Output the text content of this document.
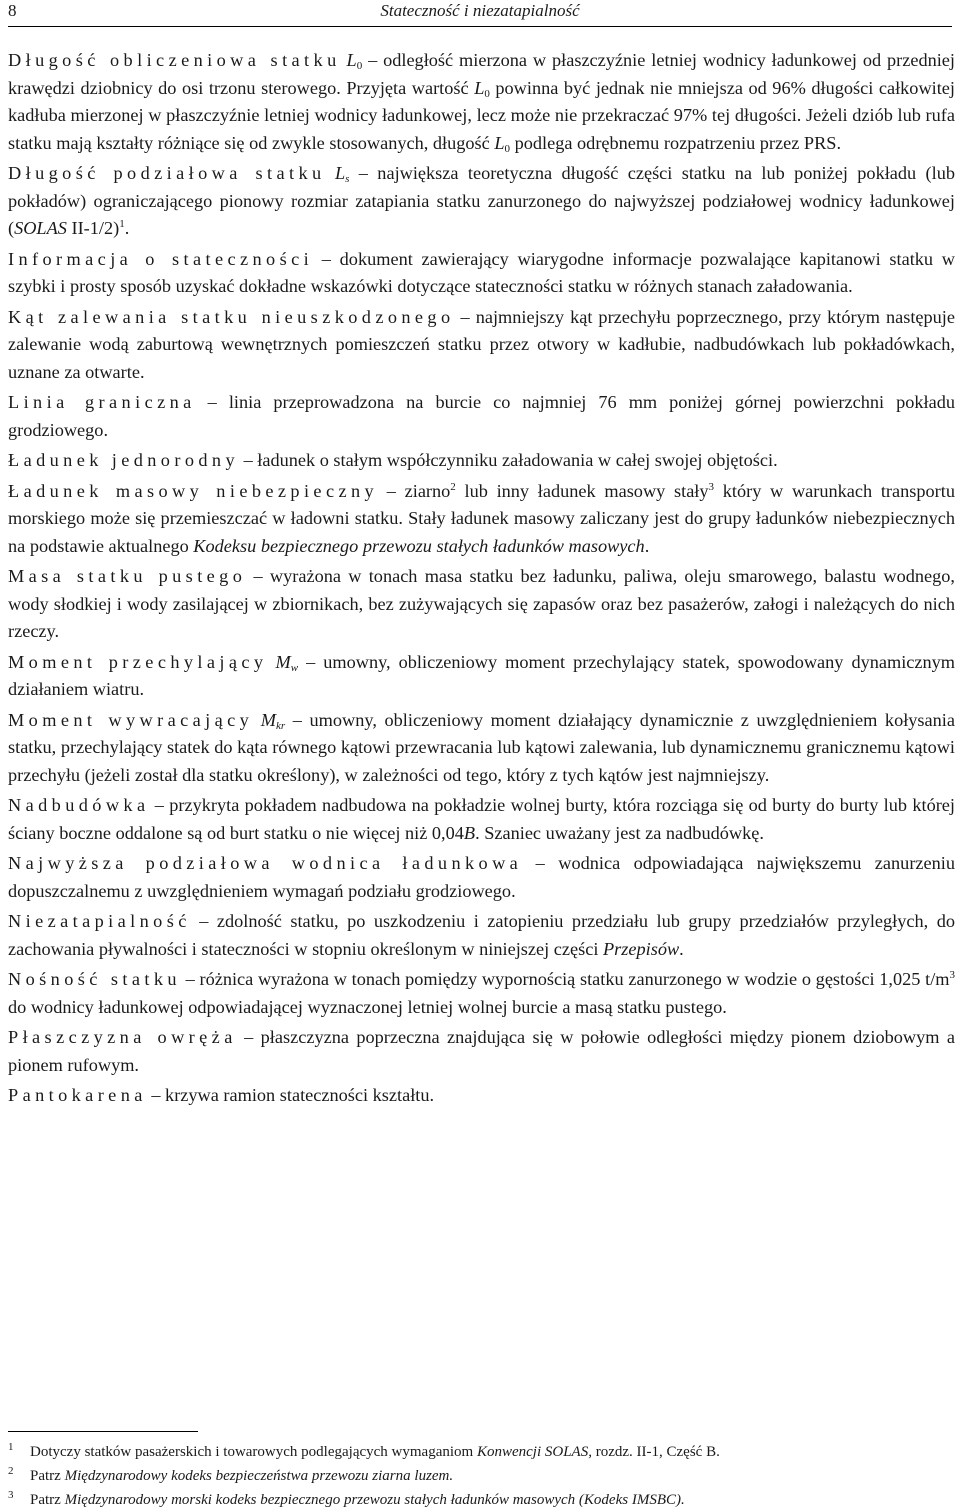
8	Stateczność i niezatapialność

Długość obliczeniowa statku $L_0$ – odległość mierzona w płaszczyźnie letniej wodnicy ładunkowej od przedniej krawędzi dziobnicy do osi trzonu sterowego. Przyjęta wartość $L_0$ powinna być jednak nie mniejsza od 96% długości całkowitej kadłuba mierzonej w płaszczyźnie letniej wodnicy ładunkowej, lecz może nie przekraczać 97% tej długości. Jeżeli dziób lub rufa statku mają kształty różniące się od zwykle stosowanych, długość $L_0$ podlega odrębnemu rozpatrzeniu przez PRS.

Długość podziałowa statku $L_s$ – największa teoretyczna długość części statku na lub poniżej pokładu (lub pokładów) ograniczającego pionowy rozmiar zatapiania statku zanurzonego do najwyższej podziałowej wodnicy ładunkowej (SOLAS II-1/2)$^1$.

Informacja o stateczności – dokument zawierający wiarygodne informacje pozwalające kapitanowi statku w szybki i prosty sposób uzyskać dokładne wskazówki dotyczące stateczności statku w różnych stanach załadowania.

Kąt zalewania statku nieuszkodzonego – najmniejszy kąt przechyłu poprzecznego, przy którym następuje zalewanie wodą zaburtową wewnętrznych pomieszczeń statku przez otwory w kadłubie, nadbudówkach lub pokładówkach, uznane za otwarte.

Linia graniczna – linia przeprowadzona na burcie co najmniej 76 mm poniżej górnej powierzchni pokładu grodziowego.

Ładunek jednorodny – ładunek o stałym współczynniku załadowania w całej swojej objętości.

Ładunek masowy niebezpieczny – ziarno$^2$ lub inny ładunek masowy stały$^3$ który w warunkach transportu morskiego może się przemieszczać w ładowni statku. Stały ładunek masowy zaliczany jest do grupy ładunków niebezpiecznych na podstawie aktualnego Kodeksu bezpiecznego przewozu stałych ładunków masowych.

Masa statku pustego – wyrażona w tonach masa statku bez ładunku, paliwa, oleju smarowego, balastu wodnego, wody słodkiej i wody zasilającej w zbiornikach, bez zużywających się zapasów oraz bez pasażerów, załogi i należących do nich rzeczy.

Moment przechylający $M_w$ – umowny, obliczeniowy moment przechylający statek, spowodowany dynamicznym działaniem wiatru.

Moment wywracający $M_{kr}$ – umowny, obliczeniowy moment działający dynamicznie z uwzględnieniem kołysania statku, przechylający statek do kąta równego kątowi przewracania lub kątowi zalewania, lub dynamicznemu granicznemu kątowi przechyłu (jeżeli został dla statku określony), w zależności od tego, który z tych kątów jest najmniejszy.

Nadbudówka – przykryta pokładem nadbudowa na pokładzie wolnej burty, która rozciąga się od burty do burty lub której ściany boczne oddalone są od burt statku o nie więcej niż 0,04B. Szaniec uważany jest za nadbudówkę.

Najwyższa podziałowa wodnica ładunkowa – wodnica odpowiadająca największemu zanurzeniu dopuszczalnemu z uwzględnieniem wymagań podziału grodziowego.

Niezatapialność – zdolność statku, po uszkodzeniu i zatopieniu przedziału lub grupy przedziałów przyległych, do zachowania pływalności i stateczności w stopniu określonym w niniejszej części Przepisów.

Nośność statku – różnica wyrażona w tonach pomiędzy wypornością statku zanurzonego w wodzie o gęstości 1,025 $t/m^3$ do wodnicy ładunkowej odpowiadającej wyznaczonej letniej wolnej burcie a masą statku pustego.

Płaszczyzna owręża – płaszczyzna poprzeczna znajdująca się w połowie odległości między pionem dziobowym a pionem rufowym.

Pantokarena – krzywa ramion stateczności kształtu.

1 Dotyczy statków pasażerskich i towarowych podlegających wymaganiom Konwencji SOLAS, rozdz. II-1, Część B.
2 Patrz Międzynarodowy kodeks bezpieczeństwa przewozu ziarna luzem.
3 Patrz Międzynarodowy morski kodeks bezpiecznego przewozu stałych ładunków masowych (Kodeks IMSBC).
